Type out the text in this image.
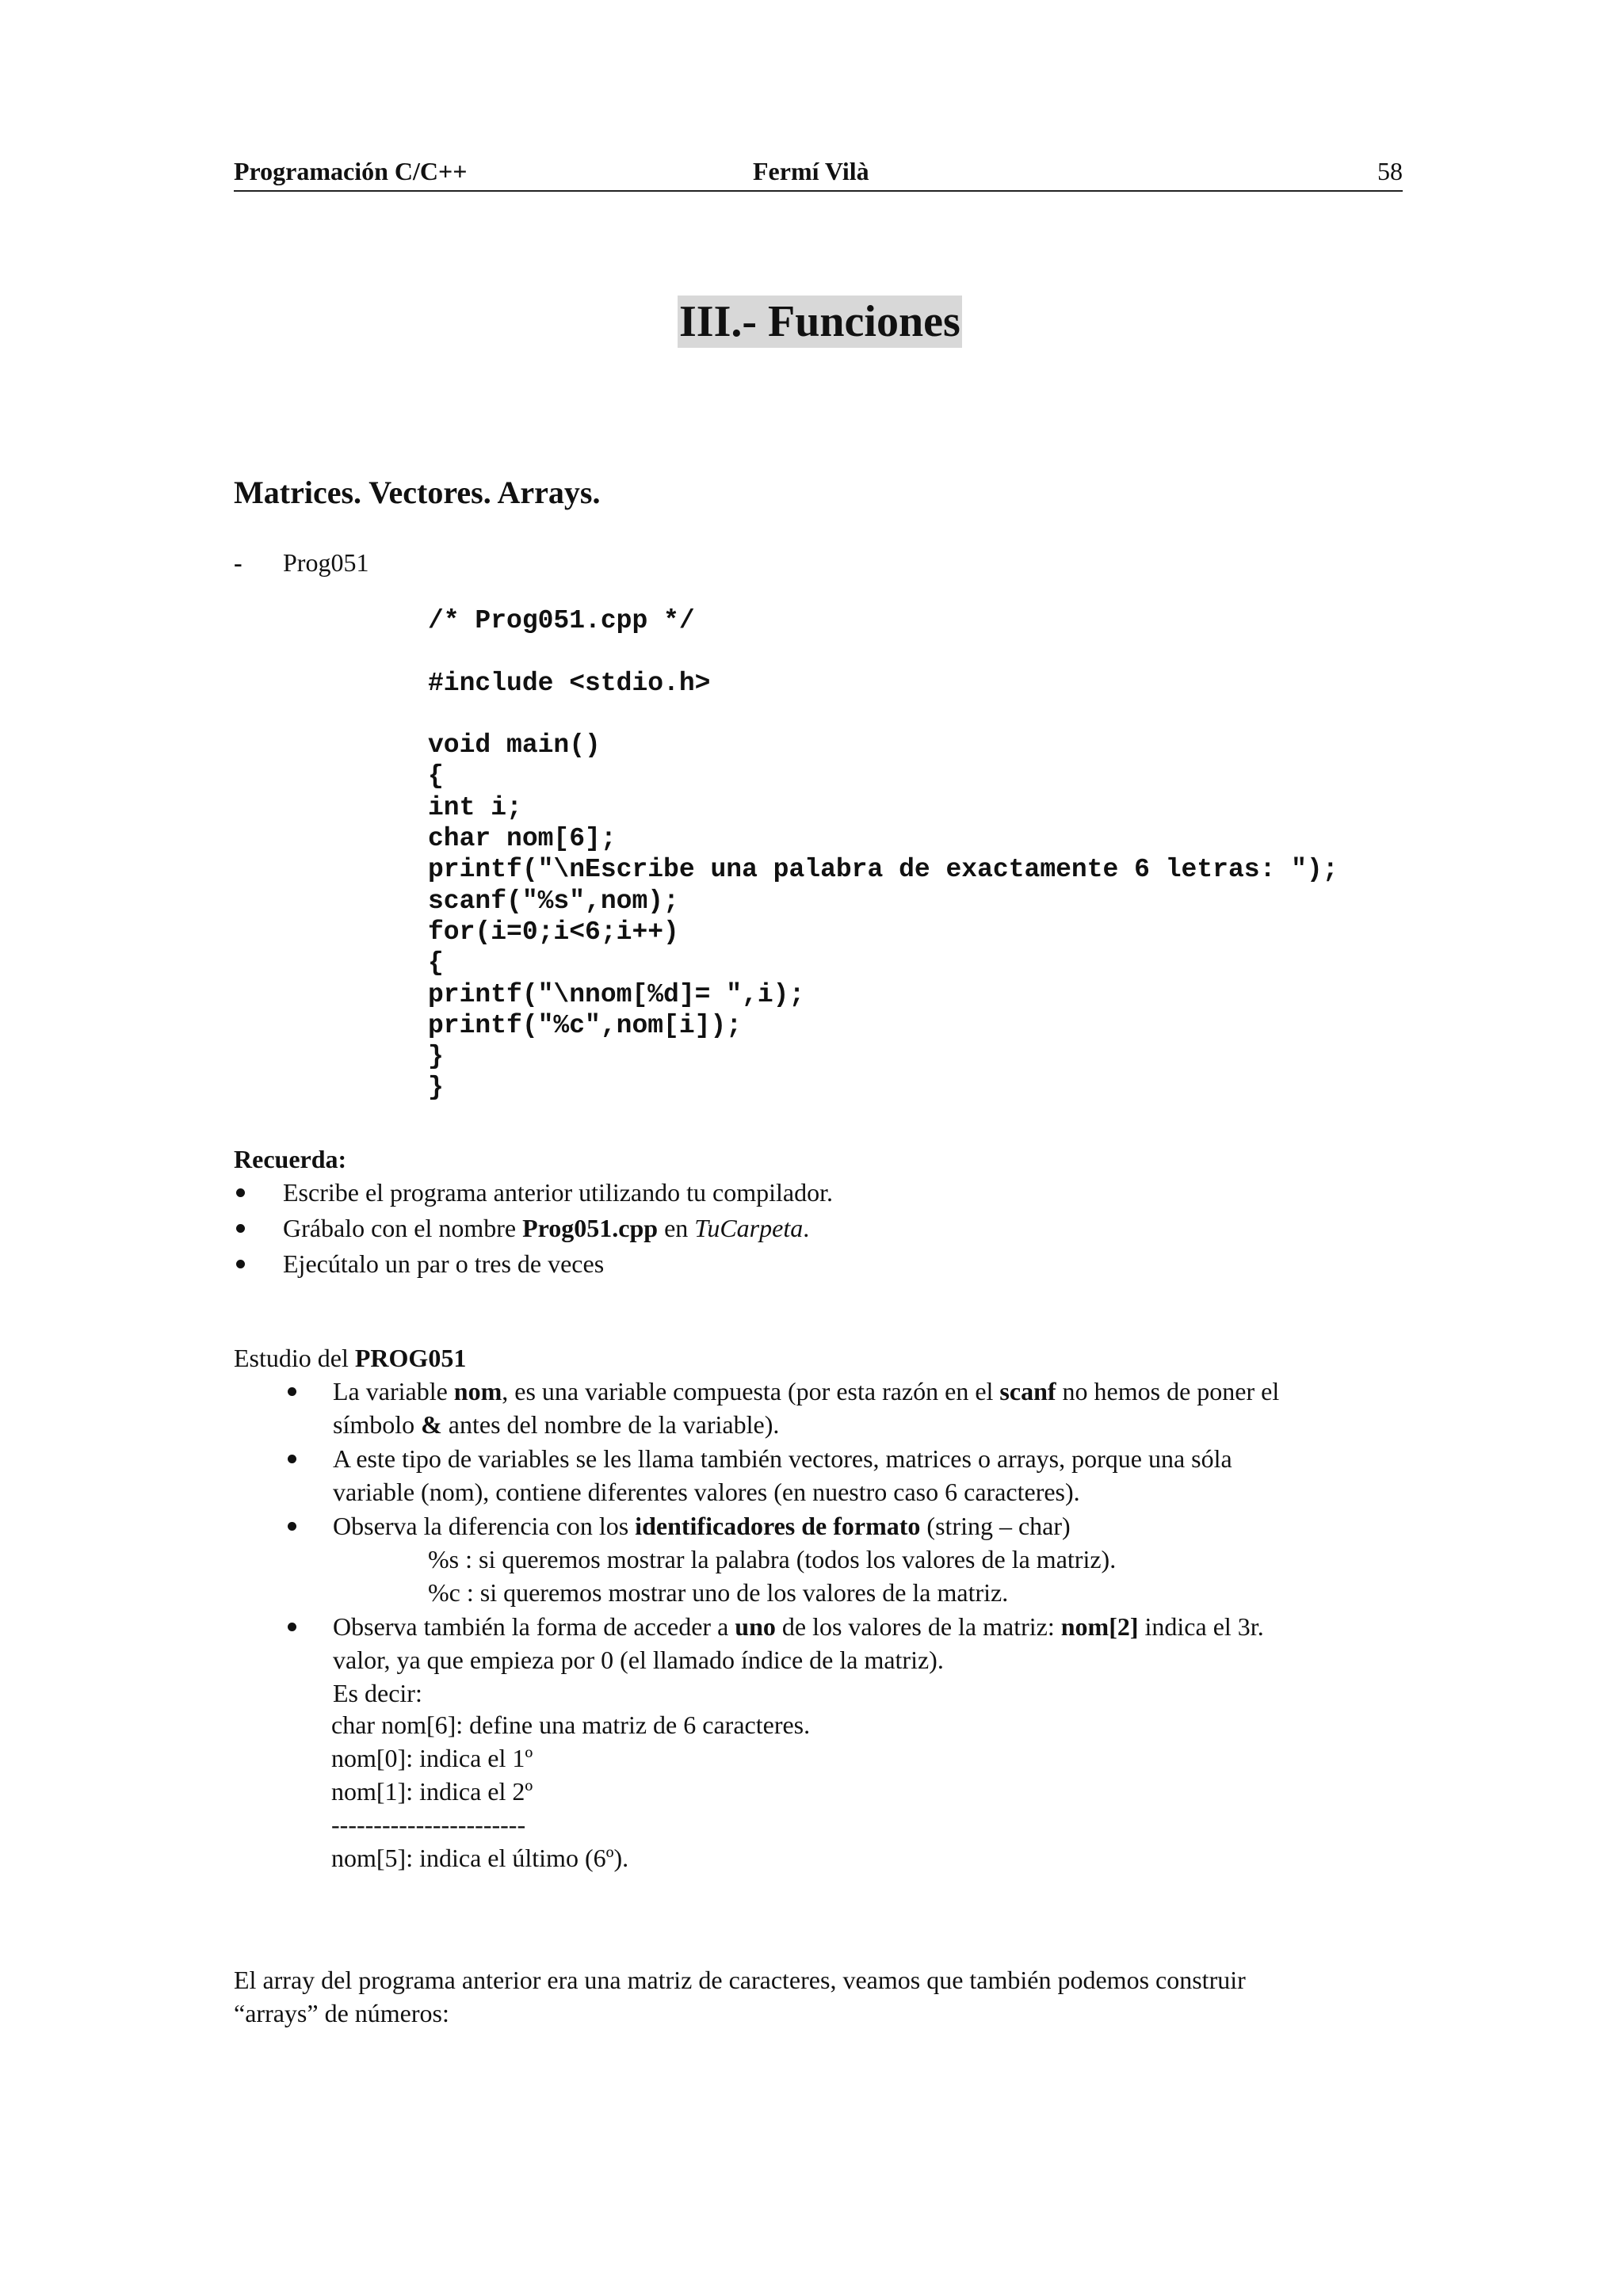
Programación C/C++	Fermí Vilà	58
III.- Funciones
Matrices. Vectores. Arrays.
- Prog051
/* Prog051.cpp */
#include <stdio.h>
void main()
{
int i;
char nom[6];
printf("\nEscribe una palabra de exactamente 6 letras: ");
scanf("%s",nom);
for(i=0;i<6;i++)
{
printf("\nnom[%d]= ",i);
printf("%c",nom[i]);
}
}
Recuerda:
Escribe el programa anterior utilizando tu compilador.
Grábalo con el nombre Prog051.cpp en TuCarpeta.
Ejecútalo un par o tres de veces
Estudio del PROG051
La variable nom, es una variable compuesta (por esta razón en el scanf no hemos de poner el
símbolo & antes del nombre de la variable).
A este tipo de variables se les llama también vectores, matrices o arrays, porque una sóla
variable (nom), contiene diferentes valores (en nuestro caso 6 caracteres).
Observa la diferencia con los identificadores de formato (string – char)
%s : si queremos mostrar la palabra (todos los valores de la matriz).
%c : si queremos mostrar uno de los valores de la matriz.
Observa también la forma de acceder a uno de los valores de la matriz: nom[2] indica el 3r.
valor, ya que empieza por 0 (el llamado índice de la matriz).
Es decir:
char nom[6]: define una matriz de 6 caracteres.
nom[0]: indica el 1º
nom[1]: indica el 2º
-----------------------
nom[5]: indica el último (6º).
El array del programa anterior era una matriz de caracteres, veamos que también podemos construir
“arrays” de números:
